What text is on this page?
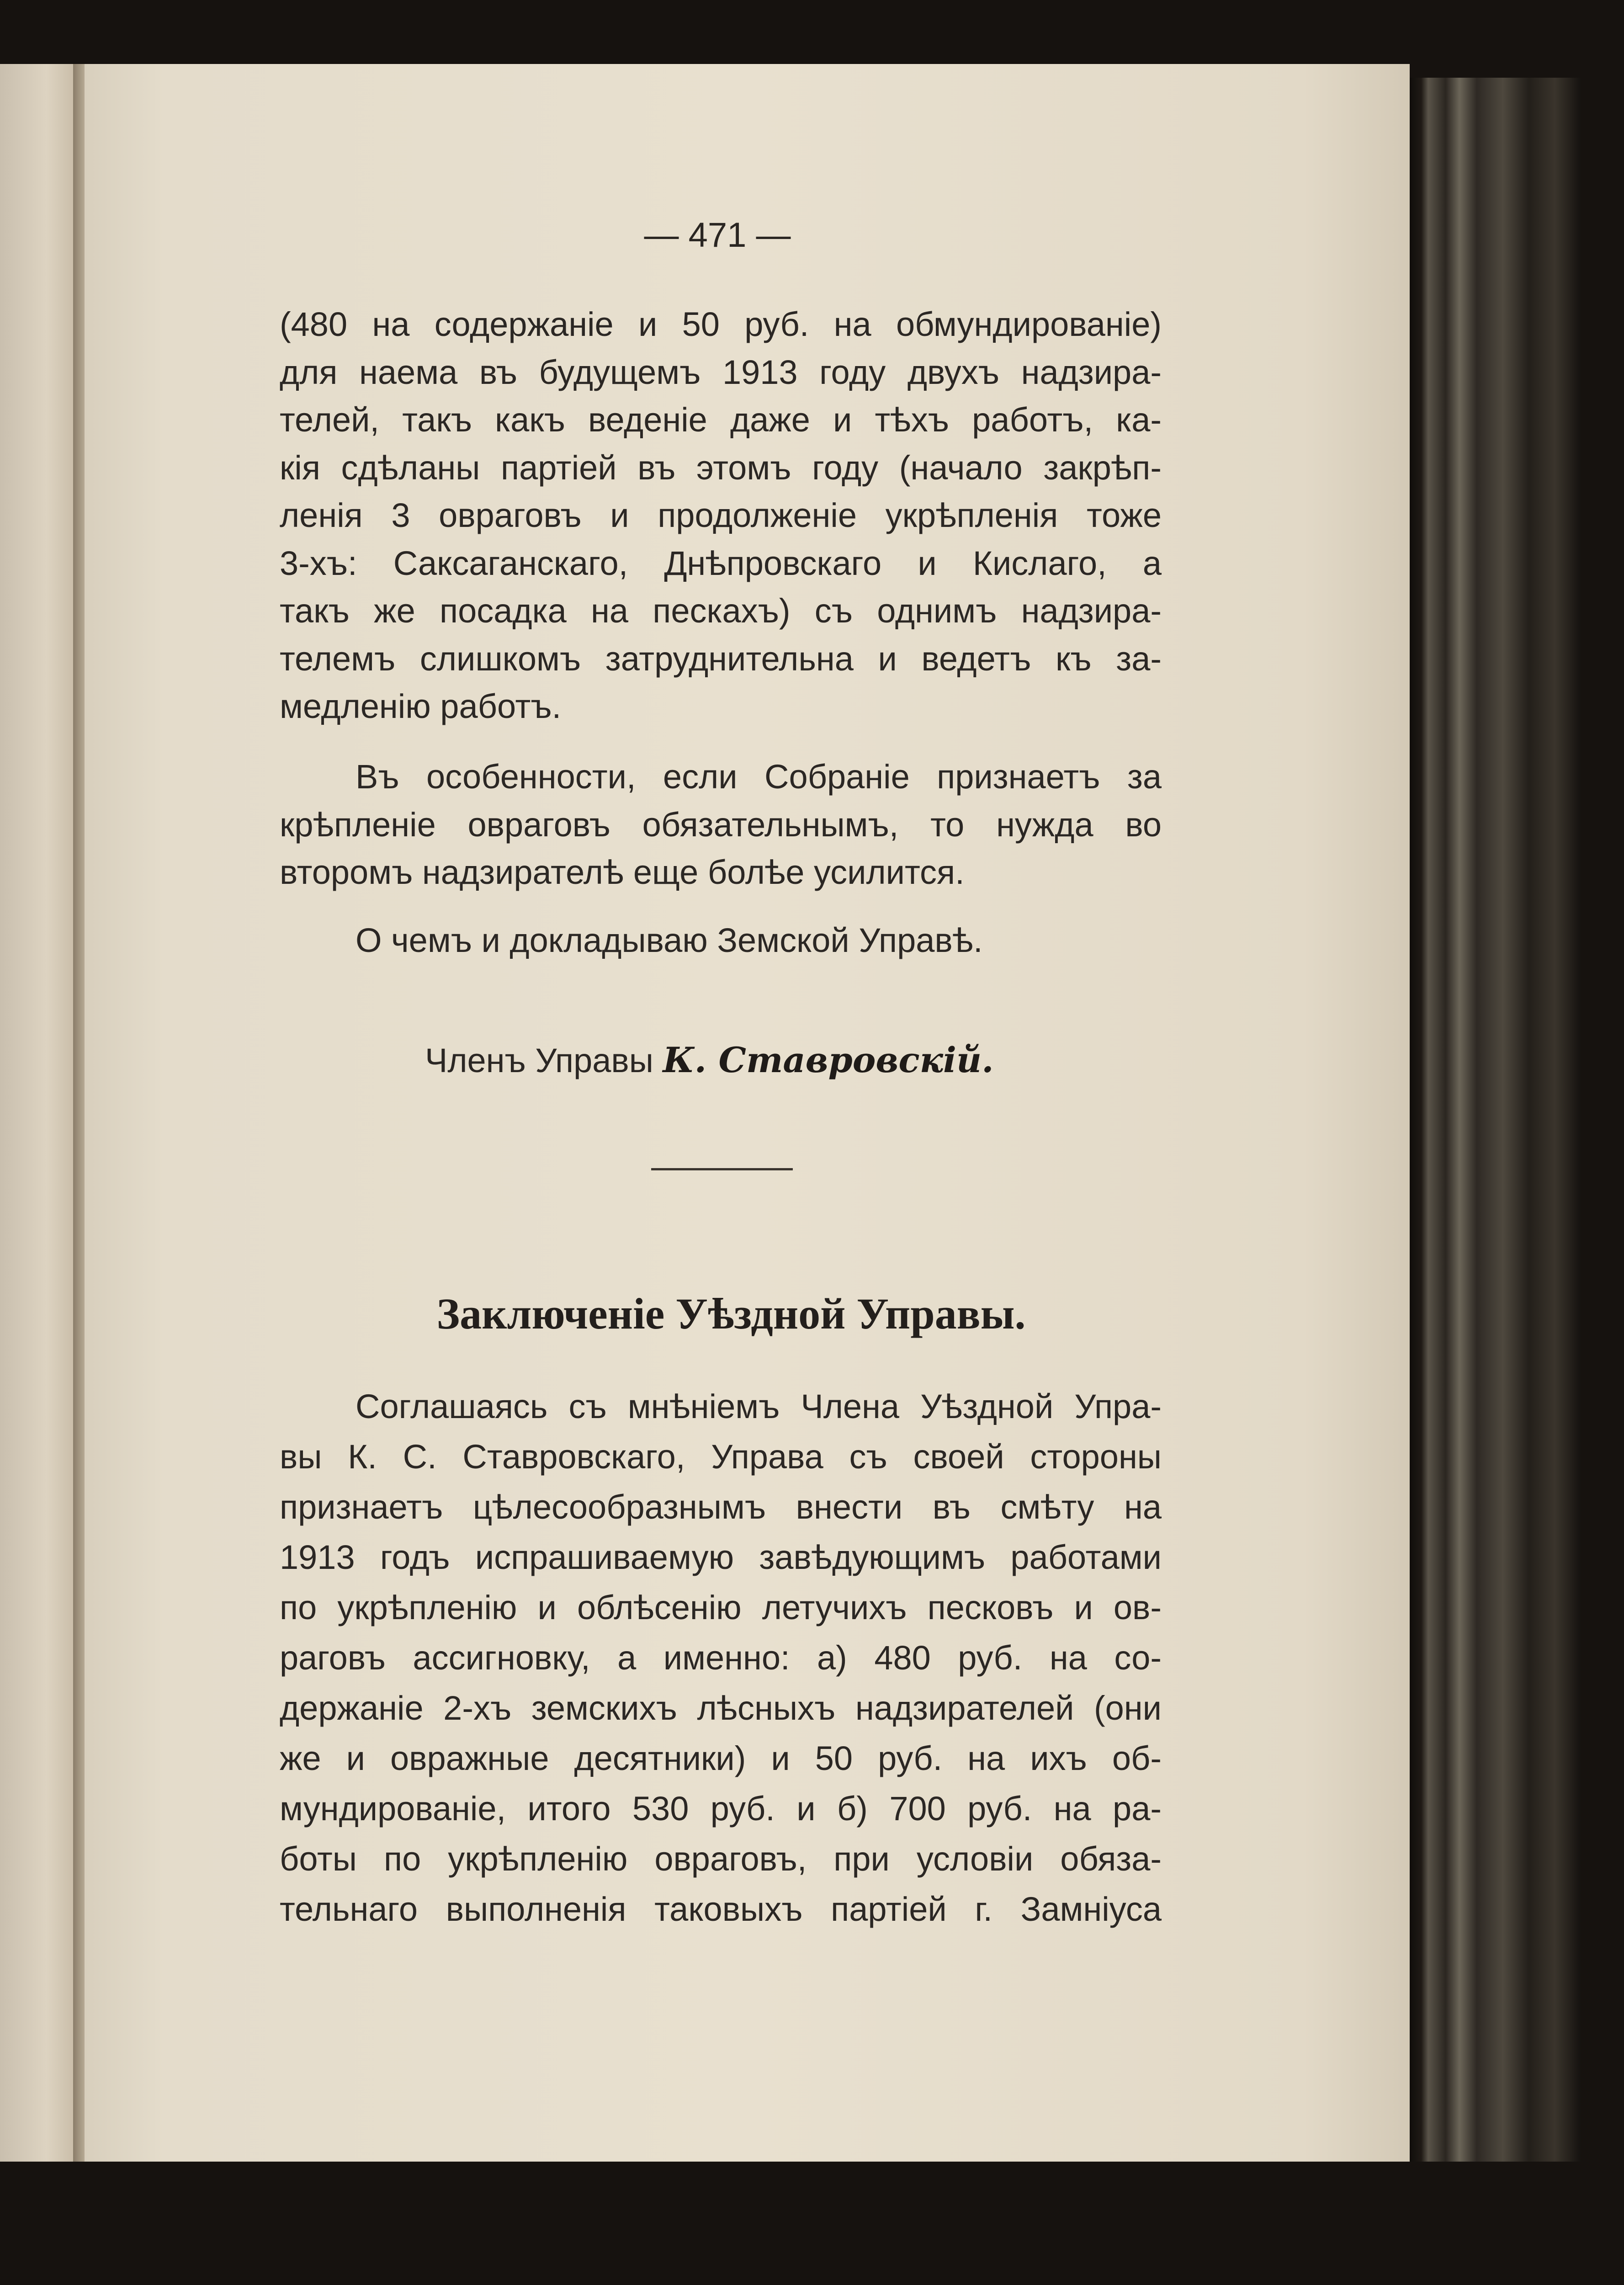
— 471 —
(480 на содержаніе и 50 руб. на обмундированіе)
для наема въ будущемъ 1913 году двухъ надзира-
телей, такъ какъ веденіе даже и тѣхъ работъ, ка-
кія сдѣланы партіей въ этомъ году (начало закрѣп-
ленія 3 овраговъ и продолженіе укрѣпленія тоже
3-хъ: Саксаганскаго, Днѣпровскаго и Кислаго, а
такъ же посадка на пескахъ) съ однимъ надзира-
телемъ слишкомъ затруднительна и ведетъ къ за-
медленію работъ.
Въ особенности, если Собраніе признаетъ за
крѣпленіе овраговъ обязательнымъ, то нужда во
второмъ надзирателѣ еще болѣе усилится.
О чемъ и докладываю Земской Управѣ.
Членъ Управы К. Ставровскій.
Заключеніе Уѣздной Управы.
Соглашаясь съ мнѣніемъ Члена Уѣздной Упра-
вы К. С. Ставровскаго, Управа съ своей стороны
признаетъ цѣлесообразнымъ внести въ смѣту на
1913 годъ испрашиваемую завѣдующимъ работами
по укрѣпленію и облѣсенію летучихъ песковъ и ов-
раговъ ассигновку, а именно: а) 480 руб. на со-
держаніе 2-хъ земскихъ лѣсныхъ надзирателей (они
же и овражные десятники) и 50 руб. на ихъ об-
мундированіе, итого 530 руб. и б) 700 руб. на ра-
боты по укрѣпленію овраговъ, при условіи обяза-
тельнаго выполненія таковыхъ партіей г. Замніуса
